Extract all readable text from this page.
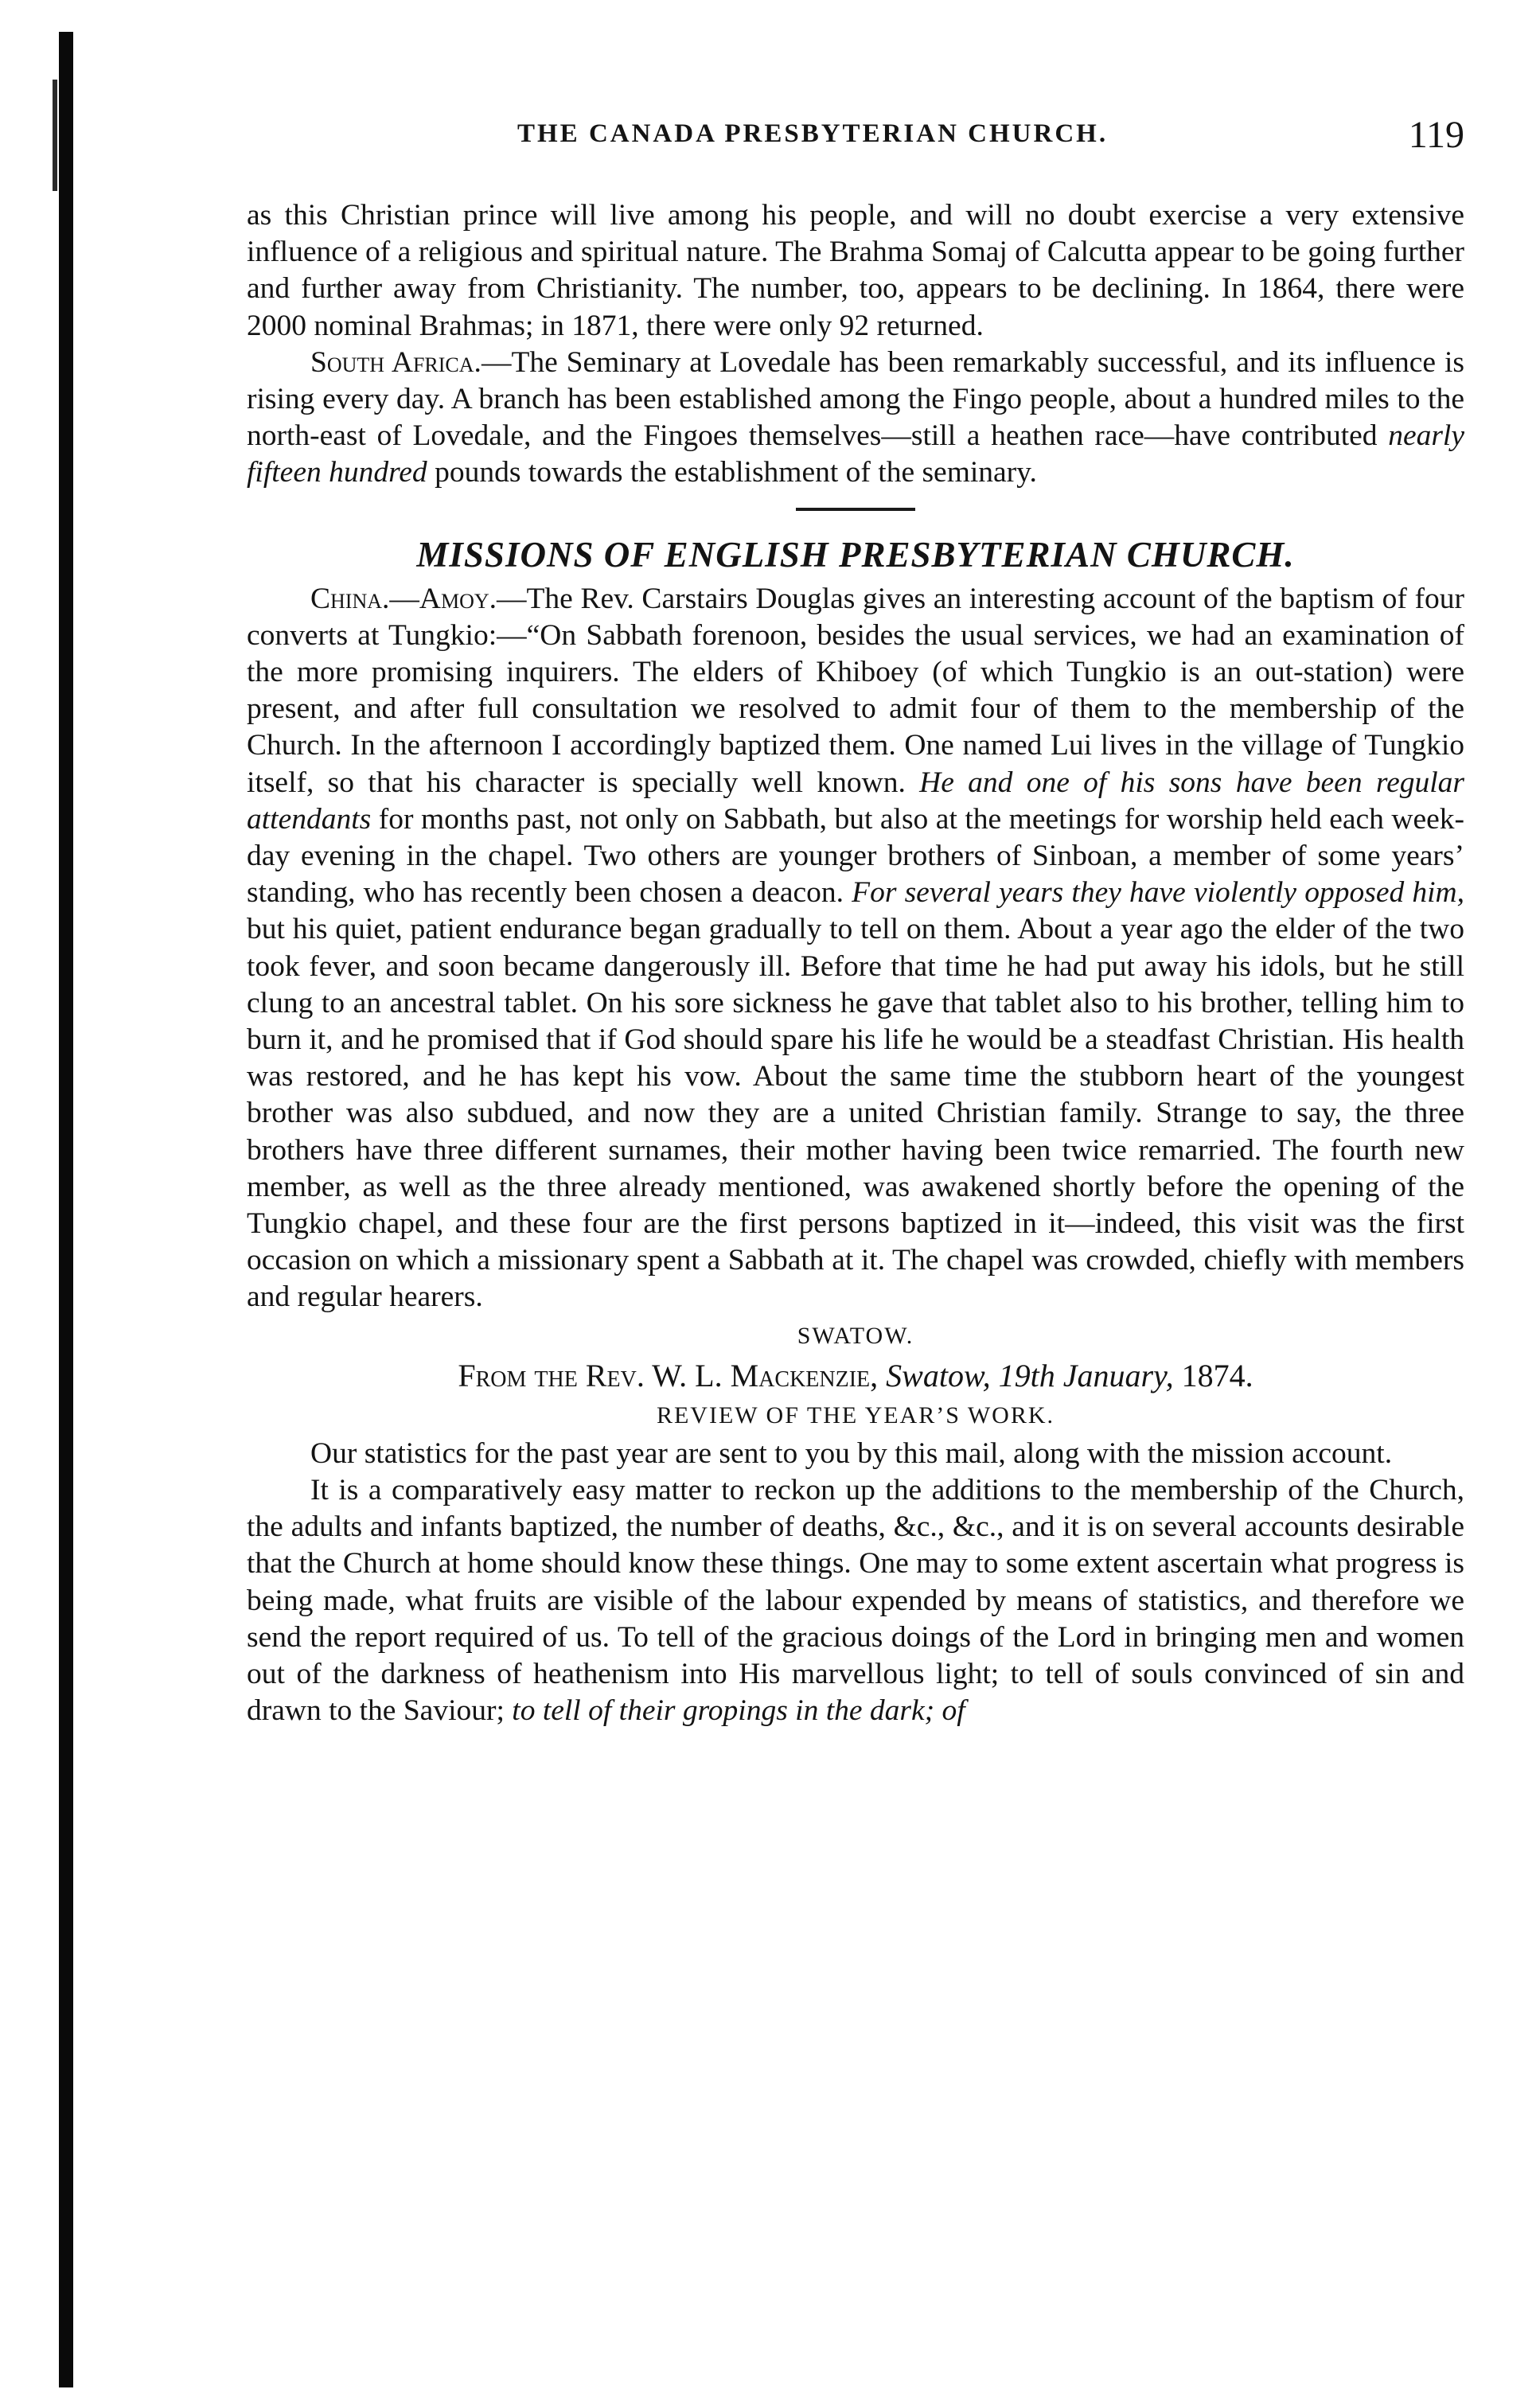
THE CANADA PRESBYTERIAN CHURCH.	119

as this Christian prince will live among his people, and will no doubt exercise a very extensive influence of a religious and spiritual nature. The Brahma Somaj of Calcutta appear to be going further and further away from Christianity. The number, too, appears to be declining. In 1864, there were 2000 nominal Brahmas; in 1871, there were only 92 returned.

South Africa.—The Seminary at Lovedale has been remarkably successful, and its influence is rising every day. A branch has been established among the Fingo people, about a hundred miles to the north-east of Lovedale, and the Fingoes themselves—still a heathen race—have contributed nearly fifteen hundred pounds towards the establishment of the seminary.

MISSIONS OF ENGLISH PRESBYTERIAN CHURCH.

China.—Amoy.—The Rev. Carstairs Douglas gives an interesting account of the baptism of four converts at Tungkio:—“On Sabbath forenoon, besides the usual services, we had an examination of the more promising inquirers. The elders of Khiboey (of which Tungkio is an out-station) were present, and after full consultation we resolved to admit four of them to the membership of the Church. In the afternoon I accordingly baptized them. One named Lui lives in the village of Tungkio itself, so that his character is specially well known. He and one of his sons have been regular attendants for months past, not only on Sabbath, but also at the meetings for worship held each week-day evening in the chapel. Two others are younger brothers of Sinboan, a member of some years’ standing, who has recently been chosen a deacon. For several years they have violently opposed him, but his quiet, patient endurance began gradually to tell on them. About a year ago the elder of the two took fever, and soon became dangerously ill. Before that time he had put away his idols, but he still clung to an ancestral tablet. On his sore sickness he gave that tablet also to his brother, telling him to burn it, and he promised that if God should spare his life he would be a steadfast Christian. His health was restored, and he has kept his vow. About the same time the stubborn heart of the youngest brother was also subdued, and now they are a united Christian family. Strange to say, the three brothers have three different surnames, their mother having been twice remarried. The fourth new member, as well as the three already mentioned, was awakened shortly before the opening of the Tungkio chapel, and these four are the first persons baptized in it—indeed, this visit was the first occasion on which a missionary spent a Sabbath at it. The chapel was crowded, chiefly with members and regular hearers.

SWATOW.

From the Rev. W. L. Mackenzie, Swatow, 19th January, 1874.

REVIEW OF THE YEAR’S WORK.

Our statistics for the past year are sent to you by this mail, along with the mission account.

It is a comparatively easy matter to reckon up the additions to the membership of the Church, the adults and infants baptized, the number of deaths, &c., &c., and it is on several accounts desirable that the Church at home should know these things. One may to some extent ascertain what progress is being made, what fruits are visible of the labour expended by means of statistics, and therefore we send the report required of us. To tell of the gracious doings of the Lord in bringing men and women out of the darkness of heathenism into His marvellous light; to tell of souls convinced of sin and drawn to the Saviour; to tell of their gropings in the dark; of
